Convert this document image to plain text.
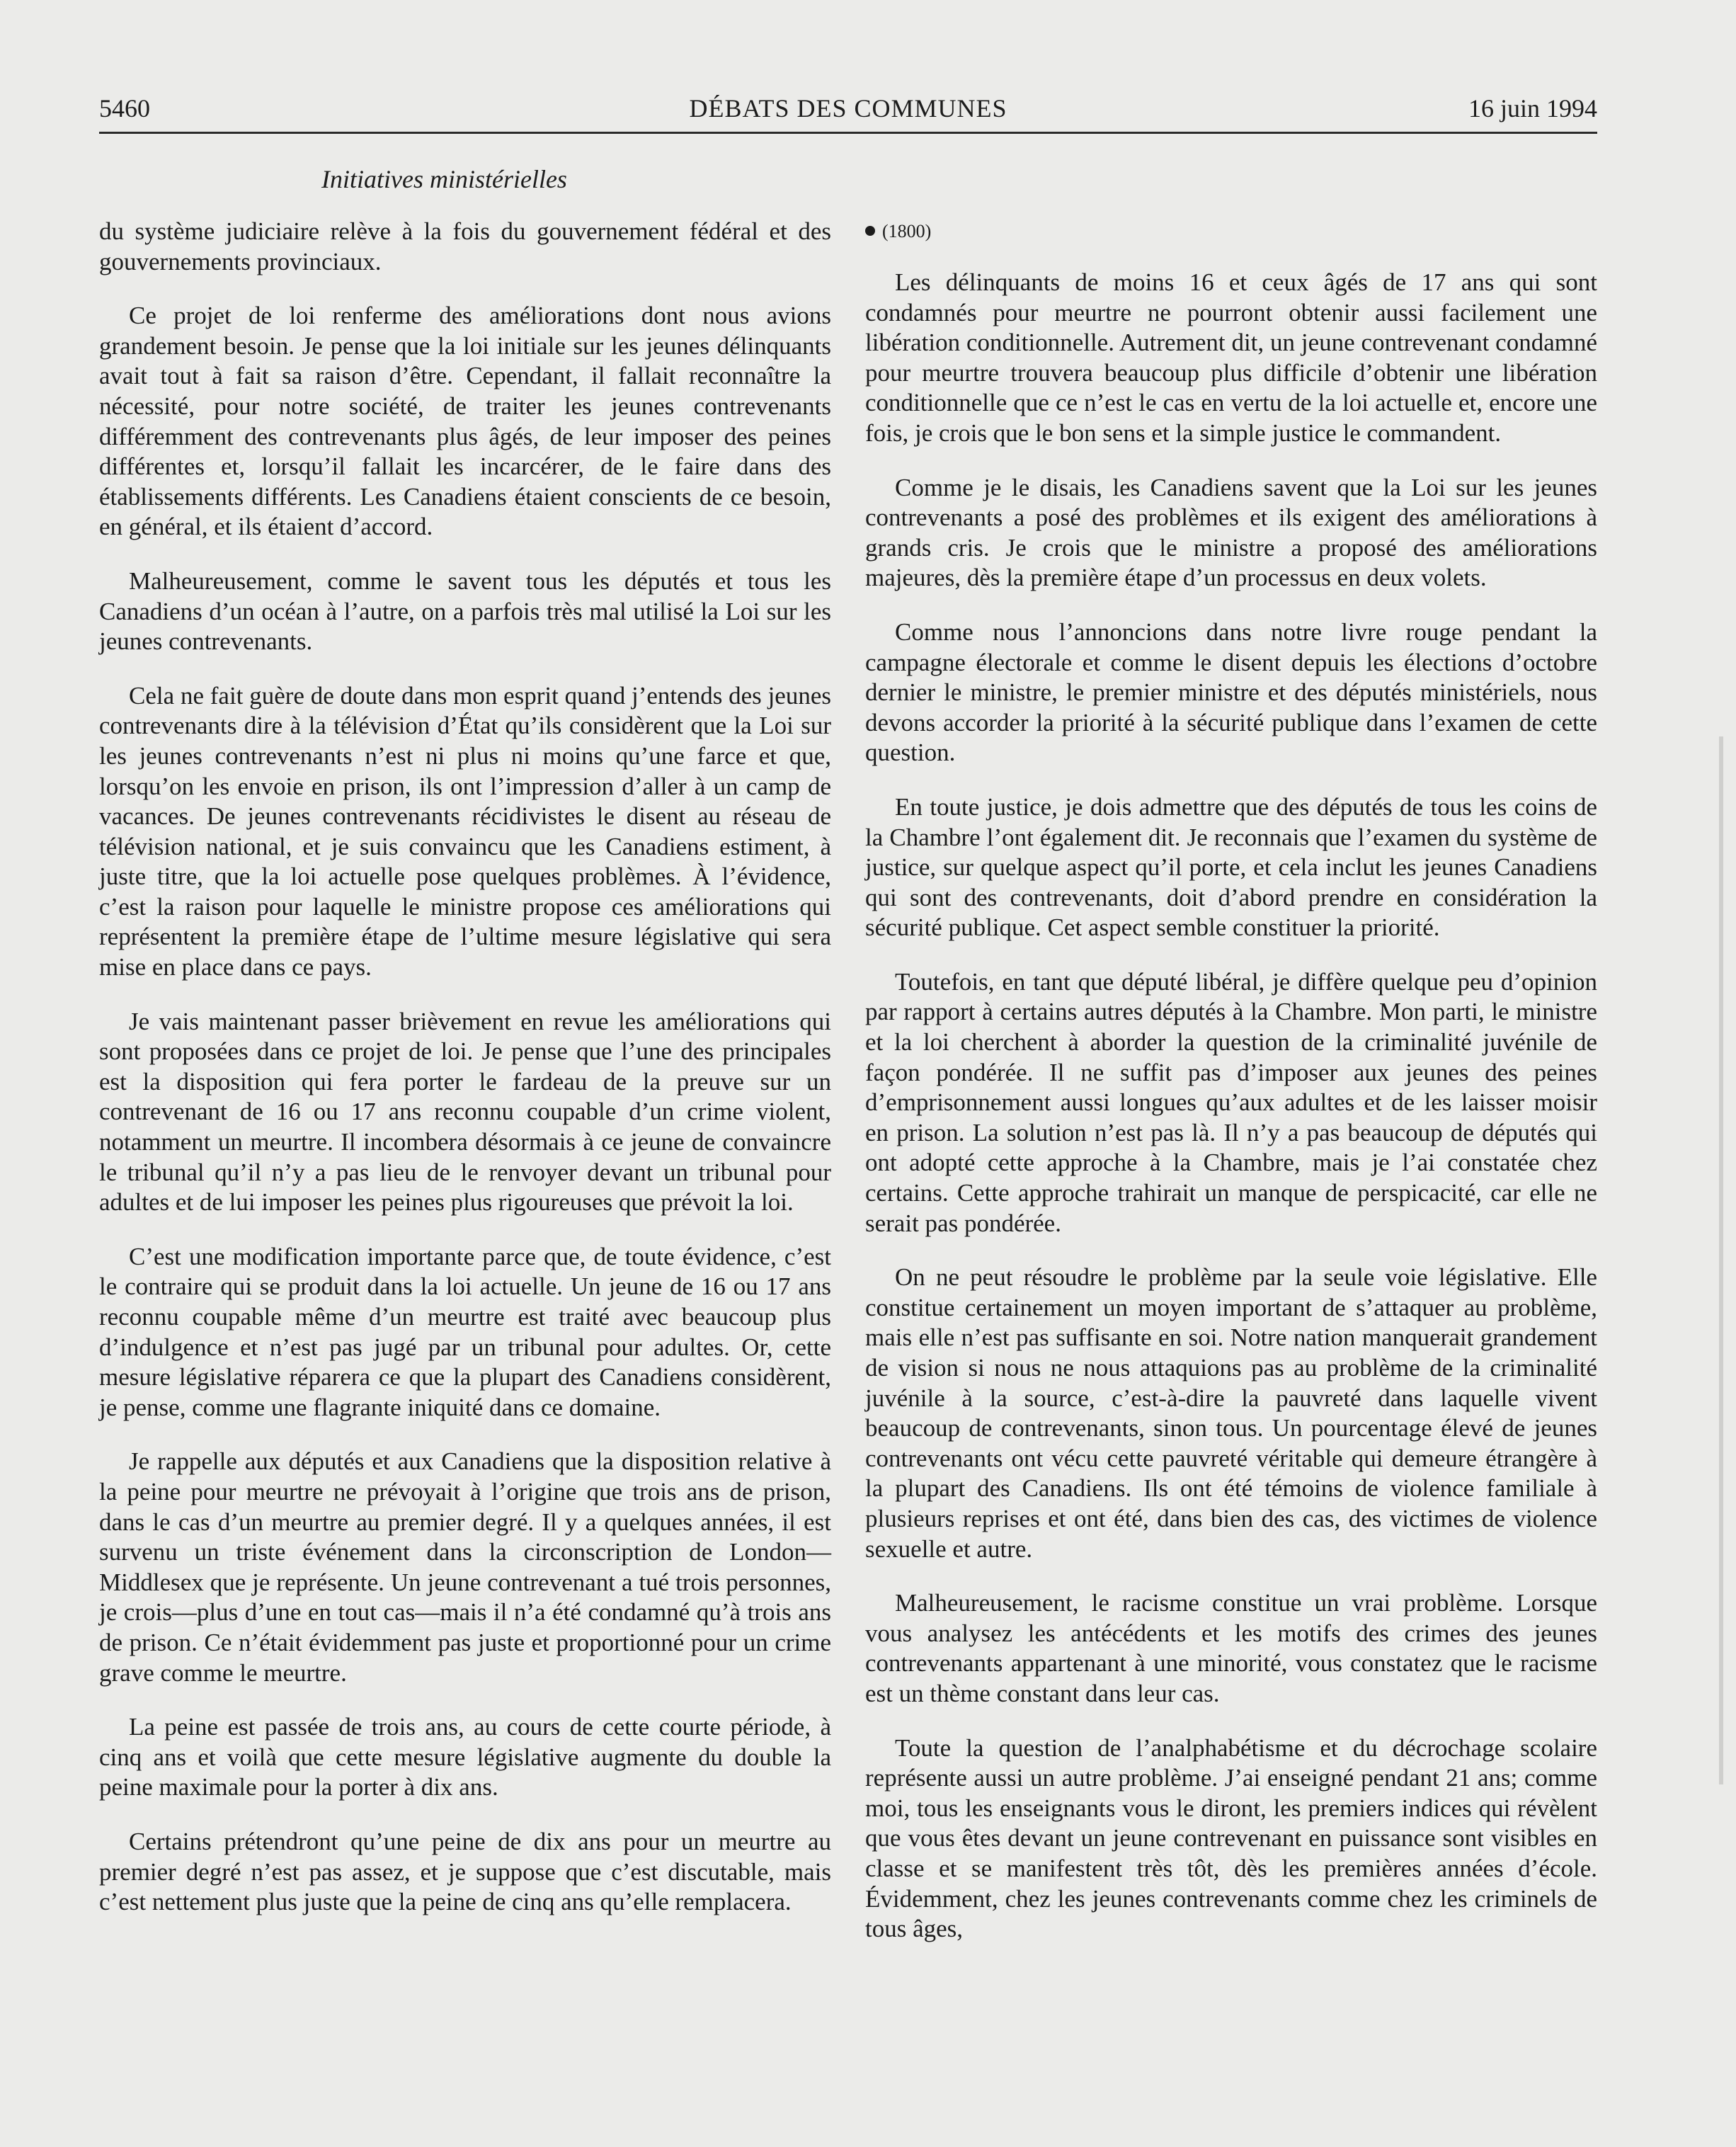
5460	DÉBATS DES COMMUNES	16 juin 1994
Initiatives ministérielles

du système judiciaire relève à la fois du gouvernement fédéral et des gouvernements provinciaux.

Ce projet de loi renferme des améliorations dont nous avions grandement besoin. Je pense que la loi initiale sur les jeunes délinquants avait tout à fait sa raison d’être. Cependant, il fallait reconnaître la nécessité, pour notre société, de traiter les jeunes contrevenants différemment des contrevenants plus âgés, de leur imposer des peines différentes et, lorsqu’il fallait les incarcérer, de le faire dans des établissements différents. Les Canadiens étaient conscients de ce besoin, en général, et ils étaient d’accord.

Malheureusement, comme le savent tous les députés et tous les Canadiens d’un océan à l’autre, on a parfois très mal utilisé la Loi sur les jeunes contrevenants.

Cela ne fait guère de doute dans mon esprit quand j’entends des jeunes contrevenants dire à la télévision d’État qu’ils considèrent que la Loi sur les jeunes contrevenants n’est ni plus ni moins qu’une farce et que, lorsqu’on les envoie en prison, ils ont l’impression d’aller à un camp de vacances. De jeunes contrevenants récidivistes le disent au réseau de télévision national, et je suis convaincu que les Canadiens estiment, à juste titre, que la loi actuelle pose quelques problèmes. À l’évidence, c’est la raison pour laquelle le ministre propose ces améliorations qui représentent la première étape de l’ultime mesure législative qui sera mise en place dans ce pays.

Je vais maintenant passer brièvement en revue les améliorations qui sont proposées dans ce projet de loi. Je pense que l’une des principales est la disposition qui fera porter le fardeau de la preuve sur un contrevenant de 16 ou 17 ans reconnu coupable d’un crime violent, notamment un meurtre. Il incombera désormais à ce jeune de convaincre le tribunal qu’il n’y a pas lieu de le renvoyer devant un tribunal pour adultes et de lui imposer les peines plus rigoureuses que prévoit la loi.

C’est une modification importante parce que, de toute évidence, c’est le contraire qui se produit dans la loi actuelle. Un jeune de 16 ou 17 ans reconnu coupable même d’un meurtre est traité avec beaucoup plus d’indulgence et n’est pas jugé par un tribunal pour adultes. Or, cette mesure législative réparera ce que la plupart des Canadiens considèrent, je pense, comme une flagrante iniquité dans ce domaine.

Je rappelle aux députés et aux Canadiens que la disposition relative à la peine pour meurtre ne prévoyait à l’origine que trois ans de prison, dans le cas d’un meurtre au premier degré. Il y a quelques années, il est survenu un triste événement dans la circonscription de London—Middlesex que je représente. Un jeune contrevenant a tué trois personnes, je crois—plus d’une en tout cas—mais il n’a été condamné qu’à trois ans de prison. Ce n’était évidemment pas juste et proportionné pour un crime grave comme le meurtre.

La peine est passée de trois ans, au cours de cette courte période, à cinq ans et voilà que cette mesure législative augmente du double la peine maximale pour la porter à dix ans.

Certains prétendront qu’une peine de dix ans pour un meurtre au premier degré n’est pas assez, et je suppose que c’est discutable, mais c’est nettement plus juste que la peine de cinq ans qu’elle remplacera.

(1800)

Les délinquants de moins 16 et ceux âgés de 17 ans qui sont condamnés pour meurtre ne pourront obtenir aussi facilement une libération conditionnelle. Autrement dit, un jeune contrevenant condamné pour meurtre trouvera beaucoup plus difficile d’obtenir une libération conditionnelle que ce n’est le cas en vertu de la loi actuelle et, encore une fois, je crois que le bon sens et la simple justice le commandent.

Comme je le disais, les Canadiens savent que la Loi sur les jeunes contrevenants a posé des problèmes et ils exigent des améliorations à grands cris. Je crois que le ministre a proposé des améliorations majeures, dès la première étape d’un processus en deux volets.

Comme nous l’annoncions dans notre livre rouge pendant la campagne électorale et comme le disent depuis les élections d’octobre dernier le ministre, le premier ministre et des députés ministériels, nous devons accorder la priorité à la sécurité publique dans l’examen de cette question.

En toute justice, je dois admettre que des députés de tous les coins de la Chambre l’ont également dit. Je reconnais que l’examen du système de justice, sur quelque aspect qu’il porte, et cela inclut les jeunes Canadiens qui sont des contrevenants, doit d’abord prendre en considération la sécurité publique. Cet aspect semble constituer la priorité.

Toutefois, en tant que député libéral, je diffère quelque peu d’opinion par rapport à certains autres députés à la Chambre. Mon parti, le ministre et la loi cherchent à aborder la question de la criminalité juvénile de façon pondérée. Il ne suffit pas d’imposer aux jeunes des peines d’emprisonnement aussi longues qu’aux adultes et de les laisser moisir en prison. La solution n’est pas là. Il n’y a pas beaucoup de députés qui ont adopté cette approche à la Chambre, mais je l’ai constatée chez certains. Cette approche trahirait un manque de perspicacité, car elle ne serait pas pondérée.

On ne peut résoudre le problème par la seule voie législative. Elle constitue certainement un moyen important de s’attaquer au problème, mais elle n’est pas suffisante en soi. Notre nation manquerait grandement de vision si nous ne nous attaquions pas au problème de la criminalité juvénile à la source, c’est-à-dire la pauvreté dans laquelle vivent beaucoup de contrevenants, sinon tous. Un pourcentage élevé de jeunes contrevenants ont vécu cette pauvreté véritable qui demeure étrangère à la plupart des Canadiens. Ils ont été témoins de violence familiale à plusieurs reprises et ont été, dans bien des cas, des victimes de violence sexuelle et autre.

Malheureusement, le racisme constitue un vrai problème. Lorsque vous analysez les antécédents et les motifs des crimes des jeunes contrevenants appartenant à une minorité, vous constatez que le racisme est un thème constant dans leur cas.

Toute la question de l’analphabétisme et du décrochage scolaire représente aussi un autre problème. J’ai enseigné pendant 21 ans; comme moi, tous les enseignants vous le diront, les premiers indices qui révèlent que vous êtes devant un jeune contrevenant en puissance sont visibles en classe et se manifestent très tôt, dès les premières années d’école. Évidemment, chez les jeunes contrevenants comme chez les criminels de tous âges,
